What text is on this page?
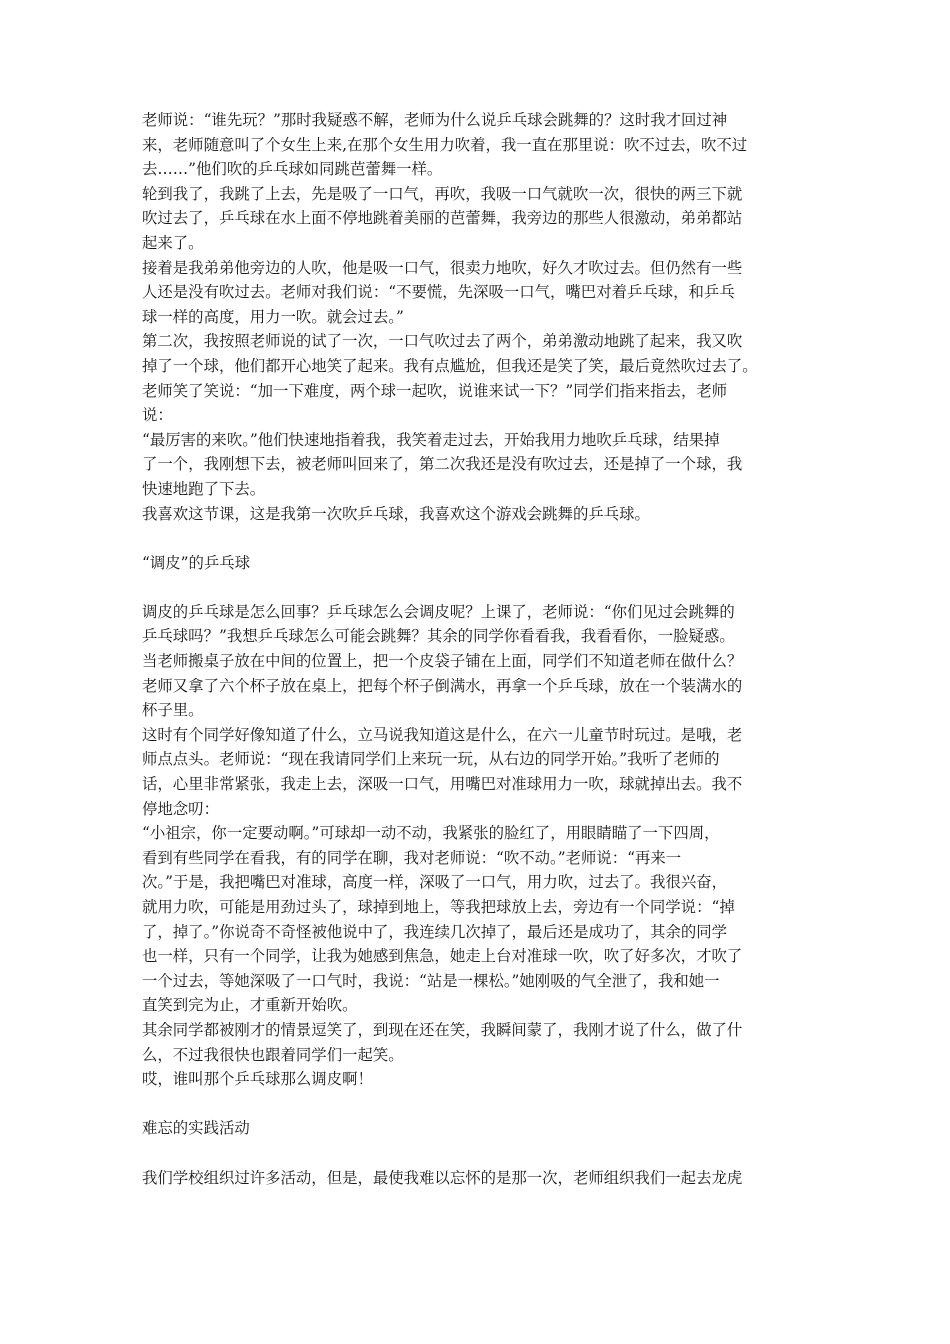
老师说：“谁先玩？”那时我疑惑不解，老师为什么说乒乓球会跳舞的？这时我才回过神
来，老师随意叫了个女生上来,在那个女生用力吹着，我一直在那里说：吹不过去，吹不过
去……”他们吹的乒乓球如同跳芭蕾舞一样。
轮到我了，我跳了上去，先是吸了一口气，再吹，我吸一口气就吹一次，很快的两三下就
吹过去了，乒乓球在水上面不停地跳着美丽的芭蕾舞，我旁边的那些人很激动，弟弟都站
起来了。
接着是我弟弟他旁边的人吹，他是吸一口气，很卖力地吹，好久才吹过去。但仍然有一些
人还是没有吹过去。老师对我们说：“不要慌，先深吸一口气，嘴巴对着乒乓球，和乒乓
球一样的高度，用力一吹。就会过去。”
第二次，我按照老师说的试了一次，一口气吹过去了两个，弟弟激动地跳了起来，我又吹
掉了一个球，他们都开心地笑了起来。我有点尴尬，但我还是笑了笑，最后竟然吹过去了。
老师笑了笑说：“加一下难度，两个球一起吹，说谁来试一下？”同学们指来指去，老师
说：
“最厉害的来吹。”他们快速地指着我，我笑着走过去，开始我用力地吹乒乓球，结果掉
了一个，我刚想下去，被老师叫回来了，第二次我还是没有吹过去，还是掉了一个球，我
快速地跑了下去。
我喜欢这节课，这是我第一次吹乒乓球，我喜欢这个游戏会跳舞的乒乓球。
“调皮”的乒乓球
调皮的乒乓球是怎么回事？乒乓球怎么会调皮呢？上课了，老师说：“你们见过会跳舞的
乒乓球吗？”我想乒乓球怎么可能会跳舞？其余的同学你看看我，我看看你，一脸疑惑。
当老师搬桌子放在中间的位置上，把一个皮袋子铺在上面，同学们不知道老师在做什么？
老师又拿了六个杯子放在桌上，把每个杯子倒满水，再拿一个乒乓球，放在一个装满水的
杯子里。
这时有个同学好像知道了什么，立马说我知道这是什么，在六一儿童节时玩过。是哦，老
师点点头。老师说：“现在我请同学们上来玩一玩，从右边的同学开始。”我听了老师的
话，心里非常紧张，我走上去，深吸一口气，用嘴巴对准球用力一吹，球就掉出去。我不
停地念叨：
“小祖宗，你一定要动啊。”可球却一动不动，我紧张的脸红了，用眼睛瞄了一下四周，
看到有些同学在看我，有的同学在聊，我对老师说：“吹不动。”老师说：“再来一
次。”于是，我把嘴巴对准球，高度一样，深吸了一口气，用力吹，过去了。我很兴奋，
就用力吹，可能是用劲过头了，球掉到地上，等我把球放上去，旁边有一个同学说：“掉
了，掉了。”你说奇不奇怪被他说中了，我连续几次掉了，最后还是成功了，其余的同学
也一样，只有一个同学，让我为她感到焦急，她走上台对准球一吹，吹了好多次，才吹了
一个过去，等她深吸了一口气时，我说：“站是一棵松。”她刚吸的气全泄了，我和她一
直笑到完为止，才重新开始吹。
其余同学都被刚才的情景逗笑了，到现在还在笑，我瞬间蒙了，我刚才说了什么，做了什
么，不过我很快也跟着同学们一起笑。
哎，谁叫那个乒乓球那么调皮啊！
难忘的实践活动
我们学校组织过许多活动，但是，最使我难以忘怀的是那一次，老师组织我们一起去龙虎
